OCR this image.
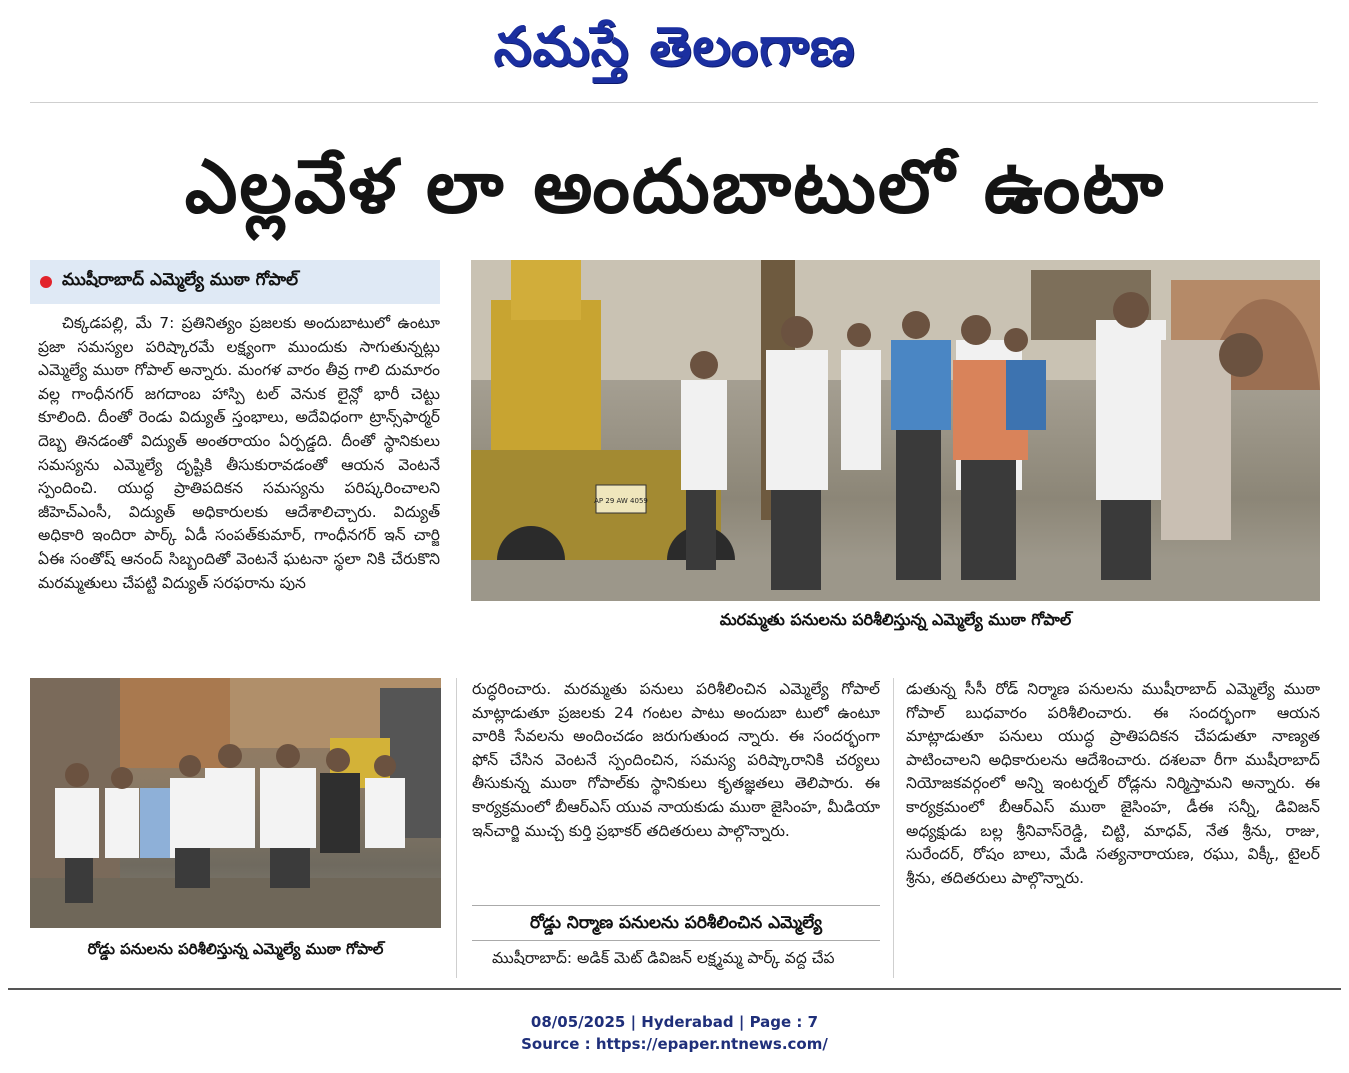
నమస్తే తెలంగాణ
ఎల్లవేళ లా అందుబాటులో ఉంటా
ముషీరాబాద్ ఎమ్మెల్యే ముఠా గోపాల్

చిక్కడపల్లి, మే 7: ప్రతినిత్యం ప్రజలకు అందుబాటులో ఉంటూ ప్రజా సమస్యల పరిష్కారమే లక్ష్యంగా ముందుకు సాగుతున్నట్లు ఎమ్మెల్యే ముఠా గోపాల్ అన్నారు. మంగళ వారం తీవ్ర గాలి దుమారం వల్ల గాంధీనగర్ జగదాంబ హాస్పి టల్ వెనుక లైన్లో భారీ చెట్టు కూలింది. దీంతో రెండు విద్యుత్ స్తంభాలు, అదేవిధంగా ట్రాన్స్‌ఫార్మర్ దెబ్బ తినడంతో విద్యుత్ అంతరాయం ఏర్పడ్డది. దీంతో స్థానికులు సమస్యను ఎమ్మెల్యే దృష్టికి తీసుకురావడంతో ఆయన వెంటనే స్పందించి. యుద్ధ ప్రాతిపదికన సమస్యను పరిష్కరించాలని జీహెచ్ఎంసీ, విద్యుత్ అధికారులకు ఆదేశాలిచ్చారు. విద్యుత్ అధికారి ఇందిరా పార్క్ ఏడీ సంపత్‌కుమార్, గాంధీనగర్ ఇన్ చార్జి ఏఈ సంతోష్ ఆనంద్ సిబ్బందితో వెంటనే ఘటనా స్థలా నికి చేరుకొని మరమ్మతులు చేపట్టి విద్యుత్ సరఫరాను పున

AP 29 AW 4059
మరమ్మతు పనులను పరిశీలిస్తున్న ఎమ్మెల్యే ముఠా గోపాల్
రోడ్డు పనులను పరిశీలిస్తున్న ఎమ్మెల్యే ముఠా గోపాల్

రుద్ధరించారు. మరమ్మతు పనులు పరిశీలించిన ఎమ్మెల్యే గోపాల్ మాట్లాడుతూ ప్రజలకు 24 గంటల పాటు అందుబా టులో ఉంటూ వారికి సేవలను అందించడం జరుగుతుంద న్నారు. ఈ సందర్భంగా ఫోన్ చేసిన వెంటనే స్పందించిన, సమస్య పరిష్కారానికి చర్యలు తీసుకున్న ముఠా గోపాల్‌కు స్థానికులు కృతజ్ఞతలు తెలిపారు. ఈ కార్యక్రమంలో బీఆర్ఎస్ యువ నాయకుడు ముఠా జైసింహ, మీడియా ఇన్‌చార్జి ముచ్చ కుర్తి ప్రభాకర్ తదితరులు పాల్గొన్నారు.

రోడ్డు నిర్మాణ పనులను పరిశీలించిన ఎమ్మెల్యే

ముషీరాబాద్: అడిక్ మెట్ డివిజన్ లక్ష్మమ్మ పార్క్ వద్ద చేప

డుతున్న సీసీ రోడ్ నిర్మాణ పనులను ముషీరాబాద్ ఎమ్మెల్యే ముఠా గోపాల్ బుధవారం పరిశీలించారు. ఈ సందర్భంగా ఆయన మాట్లాడుతూ పనులు యుద్ధ ప్రాతిపదికన చేపడుతూ నాణ్యత పాటించాలని అధికారులను ఆదేశించారు. దశలవా రీగా ముషీరాబాద్ నియోజకవర్గంలో అన్ని ఇంటర్నల్ రోడ్లను నిర్మిస్తామని అన్నారు. ఈ కార్యక్రమంలో బీఆర్ఎస్ ముఠా జైసింహ, డీఈ సన్నీ, డివిజన్ అధ్యక్షుడు బల్ల శ్రీనివాస్‌రెడ్డి, చిట్టి, మాధవ్, నేత శ్రీను, రాజు, సురేందర్, రోషం బాలు, మేడి సత్యనారాయణ, రఘు, విక్కీ, టైలర్ శ్రీను, తదితరులు పాల్గొన్నారు.

08/05/2025 | Hyderabad | Page : 7
Source : https://epaper.ntnews.com/
